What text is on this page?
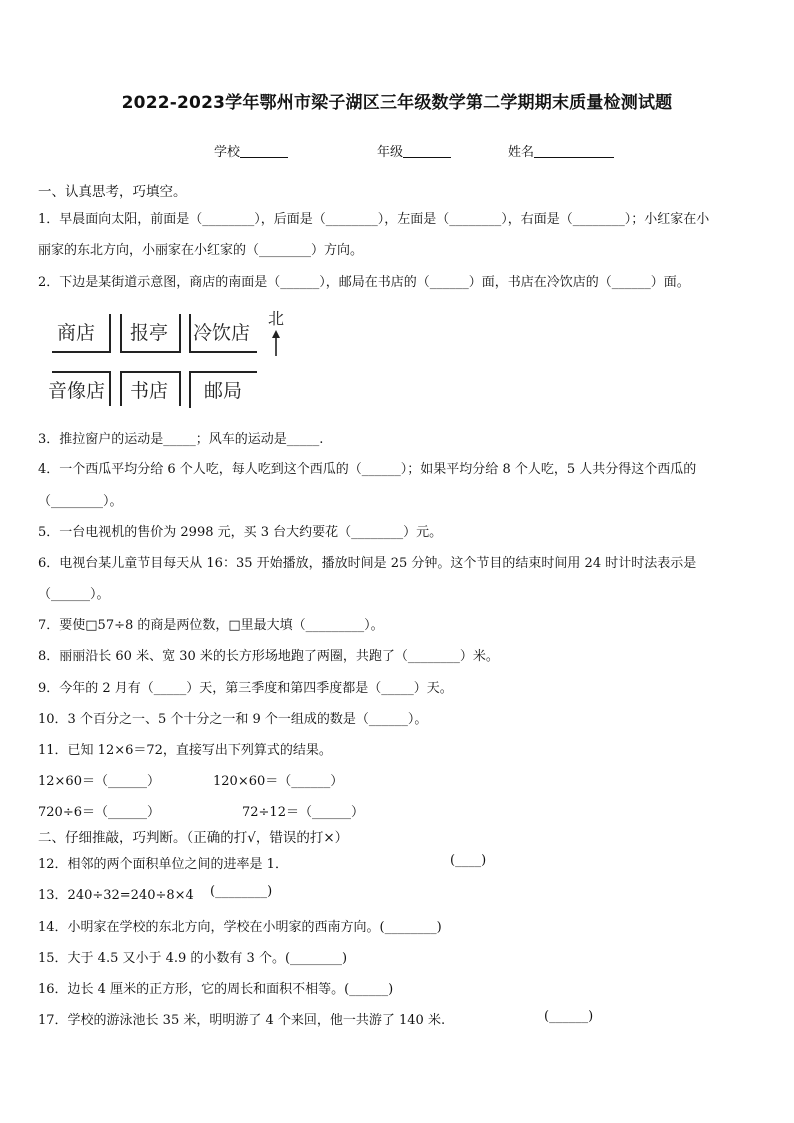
2022-2023学年鄂州市梁子湖区三年级数学第二学期期末质量检测试题
学校	年级	姓名
一、认真思考，巧填空。
1．早晨面向太阳，前面是（________），后面是（________），左面是（________），右面是（________）；小红家在小
丽家的东北方向，小丽家在小红家的（________）方向。
2．下边是某街道示意图，商店的南面是（______），邮局在书店的（______）面，书店在冷饮店的（______）面。
商店 报亭 冷饮店
音像店 书店 邮局
北
3．推拉窗户的运动是_____；风车的运动是_____.
4．一个西瓜平均分给 6 个人吃，每人吃到这个西瓜的（______）；如果平均分给 8 个人吃，5 人共分得这个西瓜的
（________）。
5．一台电视机的售价为 2998 元，买 3 台大约要花（________）元。
6．电视台某儿童节目每天从 16：35 开始播放，播放时间是 25 分钟。这个节目的结束时间用 24 时计时法表示是
（______）。
7．要使□57÷8 的商是两位数，□里最大填（_________）。
8．丽丽沿长 60 米、宽 30 米的长方形场地跑了两圈，共跑了（________）米。
9．今年的 2 月有（_____）天，第三季度和第四季度都是（_____）天。
10．3 个百分之一、5 个十分之一和 9 个一组成的数是（______）。
11．已知 12×6＝72，直接写出下列算式的结果。
12×60＝（______）	120×60＝（______）
720÷6＝（______）	72÷12＝（______）
二、仔细推敲，巧判断。（正确的打√，错误的打×）
12．相邻的两个面积单位之间的进率是 1．	(____)
13．240÷32=240÷8×4 (________)
14．小明家在学校的东北方向，学校在小明家的西南方向。(________)
15．大于 4.5 又小于 4.9 的小数有 3 个。(________)
16．边长 4 厘米的正方形，它的周长和面积不相等。(______)
17．学校的游泳池长 35 米，明明游了 4 个来回，他一共游了 140 米.	(______)
